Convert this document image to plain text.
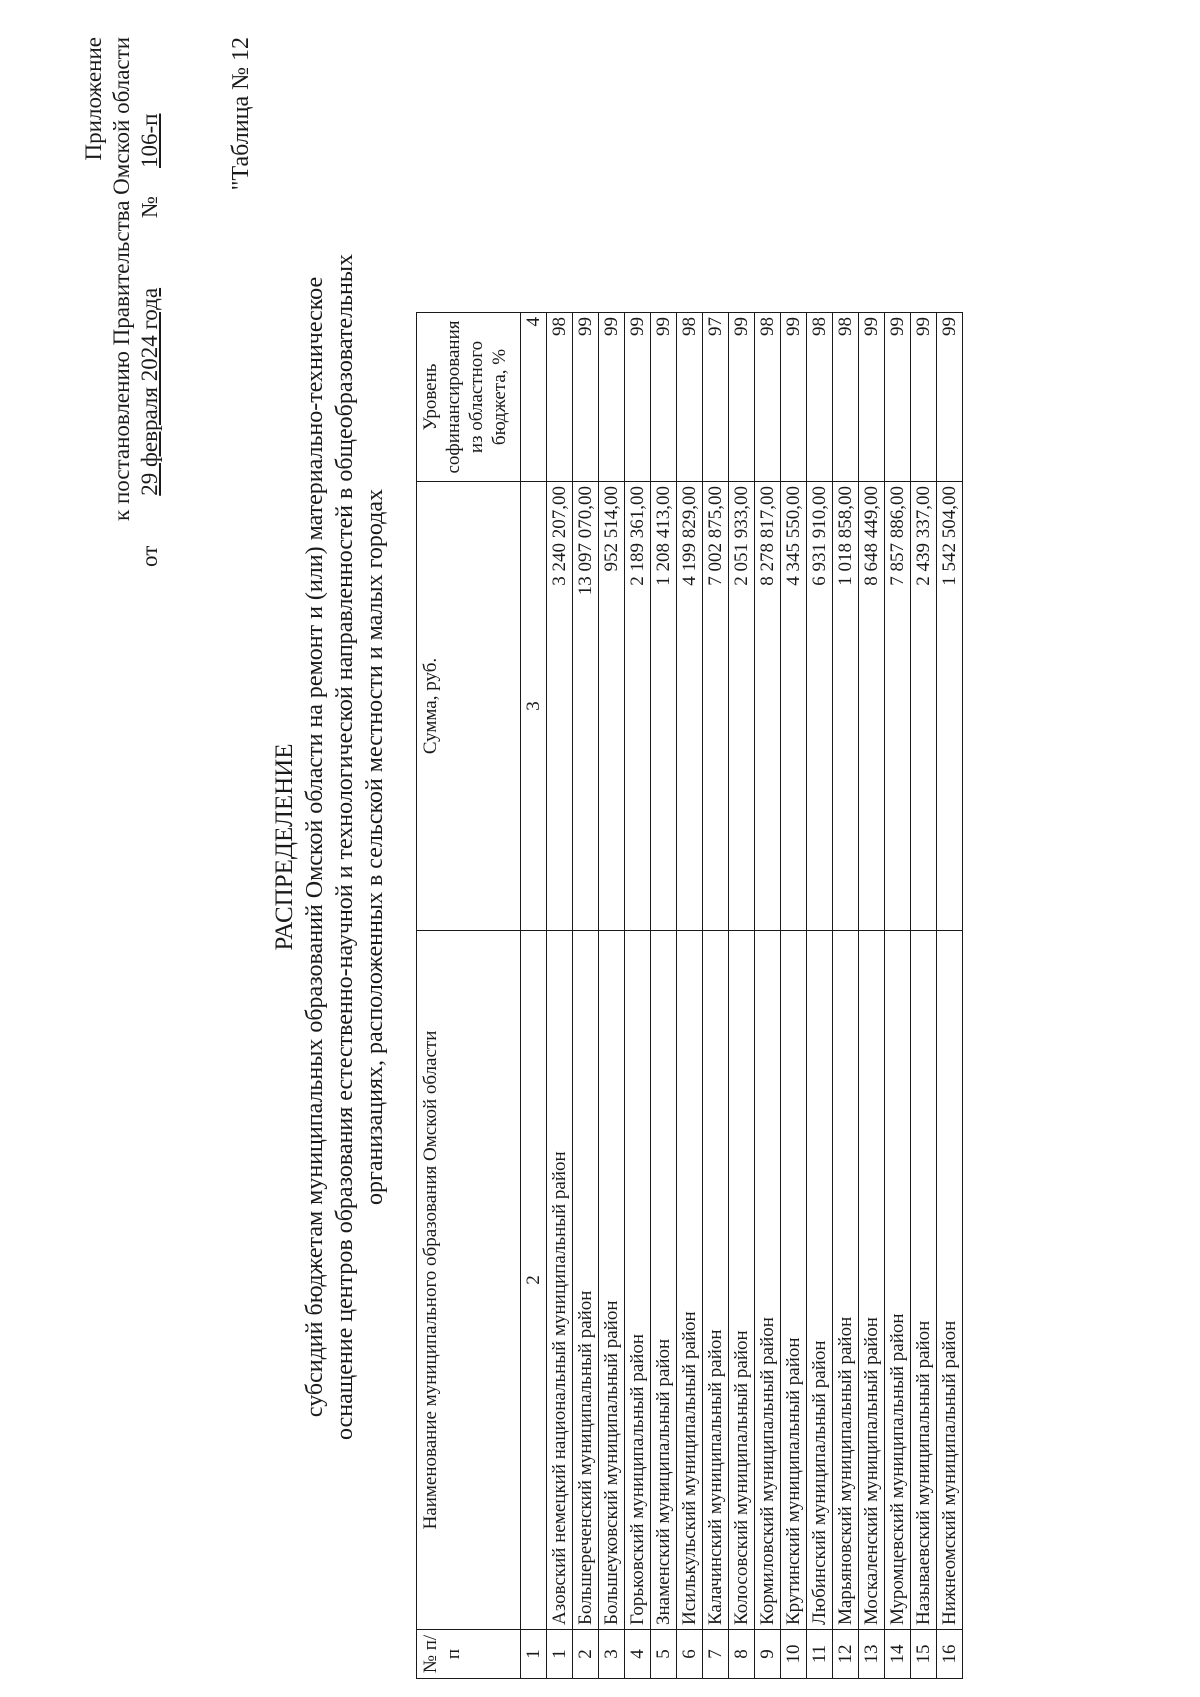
Приложение к постановлению Правительства Омской области
от
29 февраля 2024 года
№
106-п	"Таблица № 12
РАСПРЕДЕЛЕНИЕ субсидий бюджетам муниципальных образований Омской области на ремонт и (или) материально-техническое оснащение центров образования естественно-научной и технологической направленностей в общеобразовательных организациях, расположенных в сельской местности и малых городах
№ п/п	Наименование муниципального образования Омской области	Сумма, руб.	Уровень софинансирования из областного бюджета, %
1	2	3	4
1	Азовский немецкий национальный муниципальный район	3 240 207,00	98
2	Большереченский муниципальный район	13 097 070,00	99
3	Большеуковский муниципальный район	952 514,00	99
4	Горьковский муниципальный район	2 189 361,00	99
5	Знаменский муниципальный район	1 208 413,00	99
6	Исилькульский муниципальный район	4 199 829,00	98
7	Калачинский муниципальный район	7 002 875,00	97
8	Колосовский муниципальный район	2 051 933,00	99
9	Кормиловский муниципальный район	8 278 817,00	98
10	Крутинский муниципальный район	4 345 550,00	99
11	Любинский муниципальный район	6 931 910,00	98
12	Марьяновский муниципальный район	1 018 858,00	98
13	Москаленский муниципальный район	8 648 449,00	99
14	Муромцевский муниципальный район	7 857 886,00	99
15	Называевский муниципальный район	2 439 337,00	99
16	Нижнеомский муниципальный район	1 542 504,00	99
